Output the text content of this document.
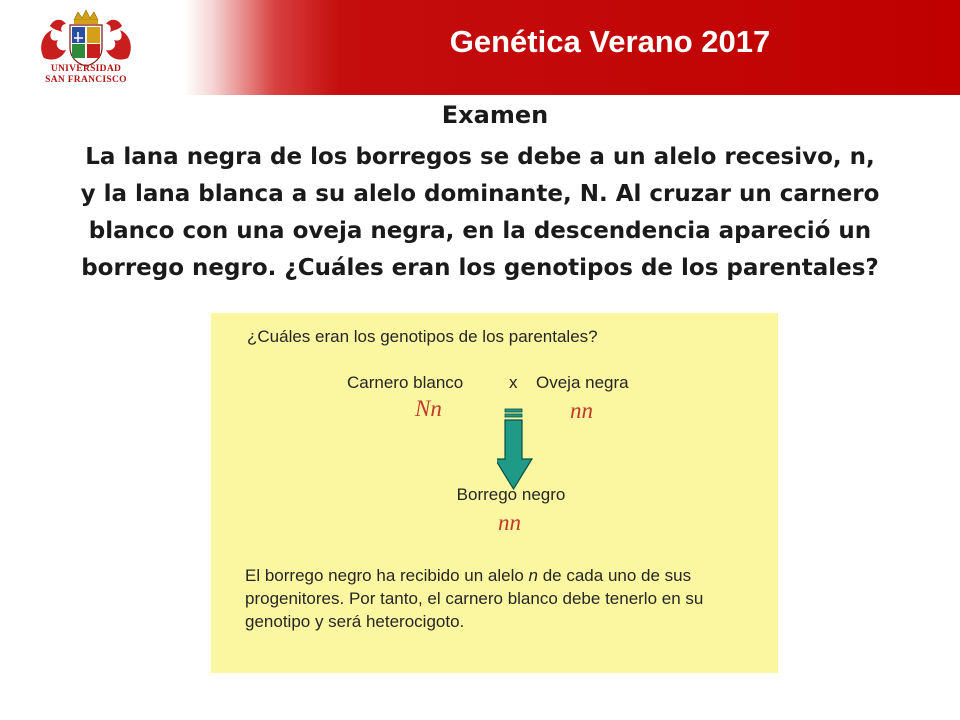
UNIVERSIDAD
SAN FRANCISCO
Genética Verano 2017
Examen
La lana negra de los borregos se debe a un alelo recesivo, n, y la lana blanca a su alelo dominante, N. Al cruzar un carnero blanco con una oveja negra, en la descendencia apareció un borrego negro. ¿Cuáles eran los genotipos de los parentales?
¿Cuáles eran los genotipos de los parentales?
Carnero blanco	x Oveja negra
Nn	nn
Borrego negro
nn
El borrego negro ha recibido un alelo n de cada uno de sus progenitores. Por tanto, el carnero blanco debe tenerlo en su genotipo y será heterocigoto.
